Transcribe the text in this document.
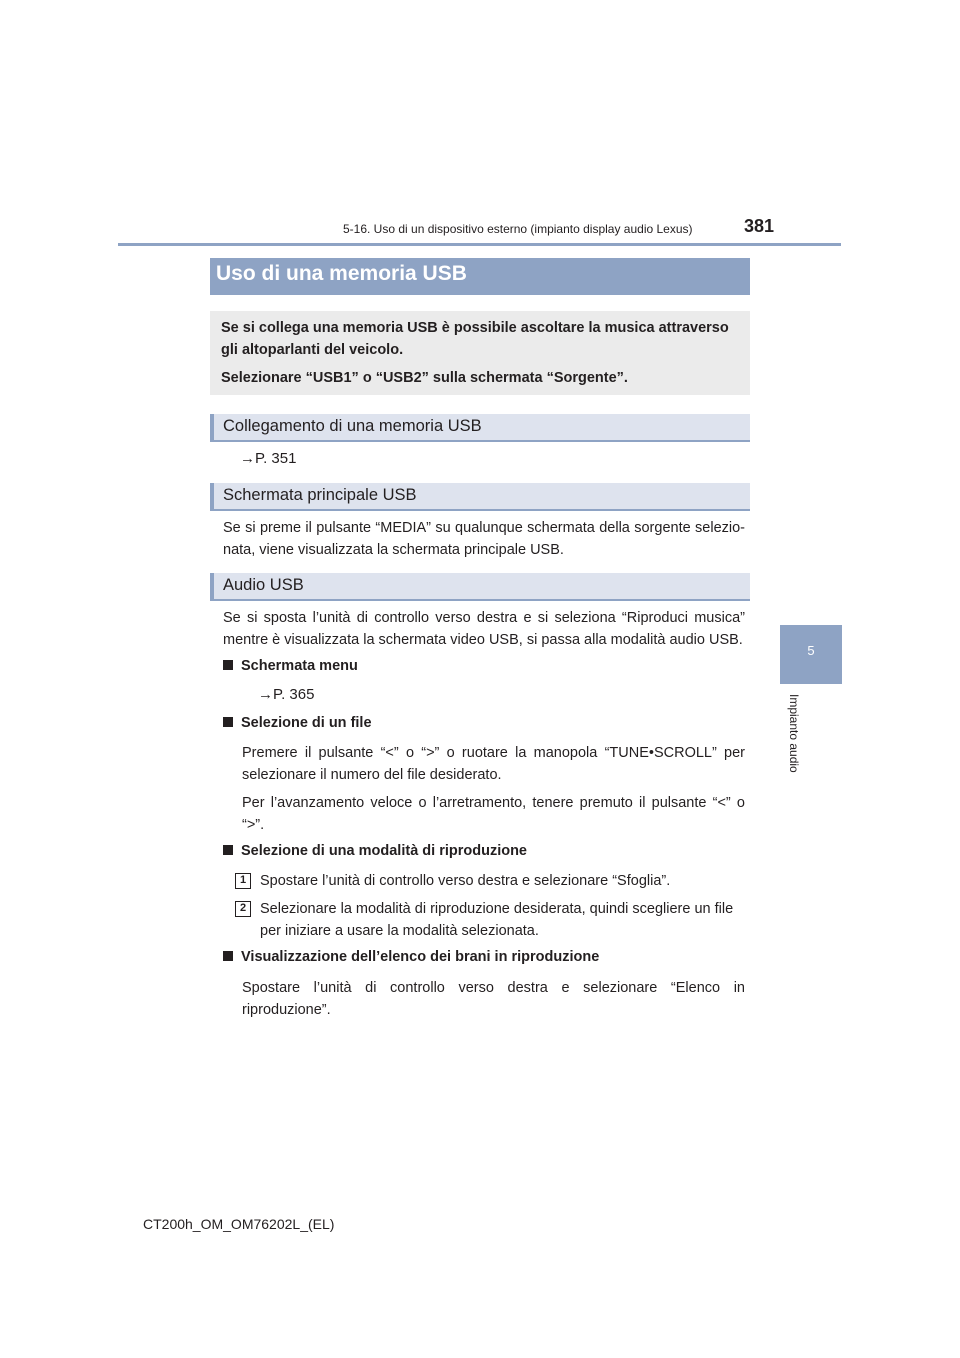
5-16. Uso di un dispositivo esterno (impianto display audio Lexus)	381
5
Impianto audio
Uso di una memoria USB

Se si collega una memoria USB è possibile ascoltare la musica attraverso gli altoparlanti del veicolo.

Selezionare “USB1” o “USB2” sulla schermata “Sorgente”.

Collegamento di una memoria USB
→P. 351
Schermata principale USB
Se si preme il pulsante “MEDIA” su qualunque schermata della sorgente selezio-nata, viene visualizzata la schermata principale USB.
Audio USB
Se si sposta l’unità di controllo verso destra e si seleziona “Riproduci musica” mentre è visualizzata la schermata video USB, si passa alla modalità audio USB.
Schermata menu
→P. 365
Selezione di un file
Premere il pulsante “<” o “>” o ruotare la manopola “TUNE•SCROLL” per selezionare il numero del file desiderato.
Per l’avanzamento veloce o l’arretramento, tenere premuto il pulsante “<” o “>”.
Selezione di una modalità di riproduzione
1 Spostare l’unità di controllo verso destra e selezionare “Sfoglia”.
2 Selezionare la modalità di riproduzione desiderata, quindi scegliere un file per iniziare a usare la modalità selezionata.
Visualizzazione dell’elenco dei brani in riproduzione
Spostare l’unità di controllo verso destra e selezionare “Elenco in riproduzione”.
CT200h_OM_OM76202L_(EL)
